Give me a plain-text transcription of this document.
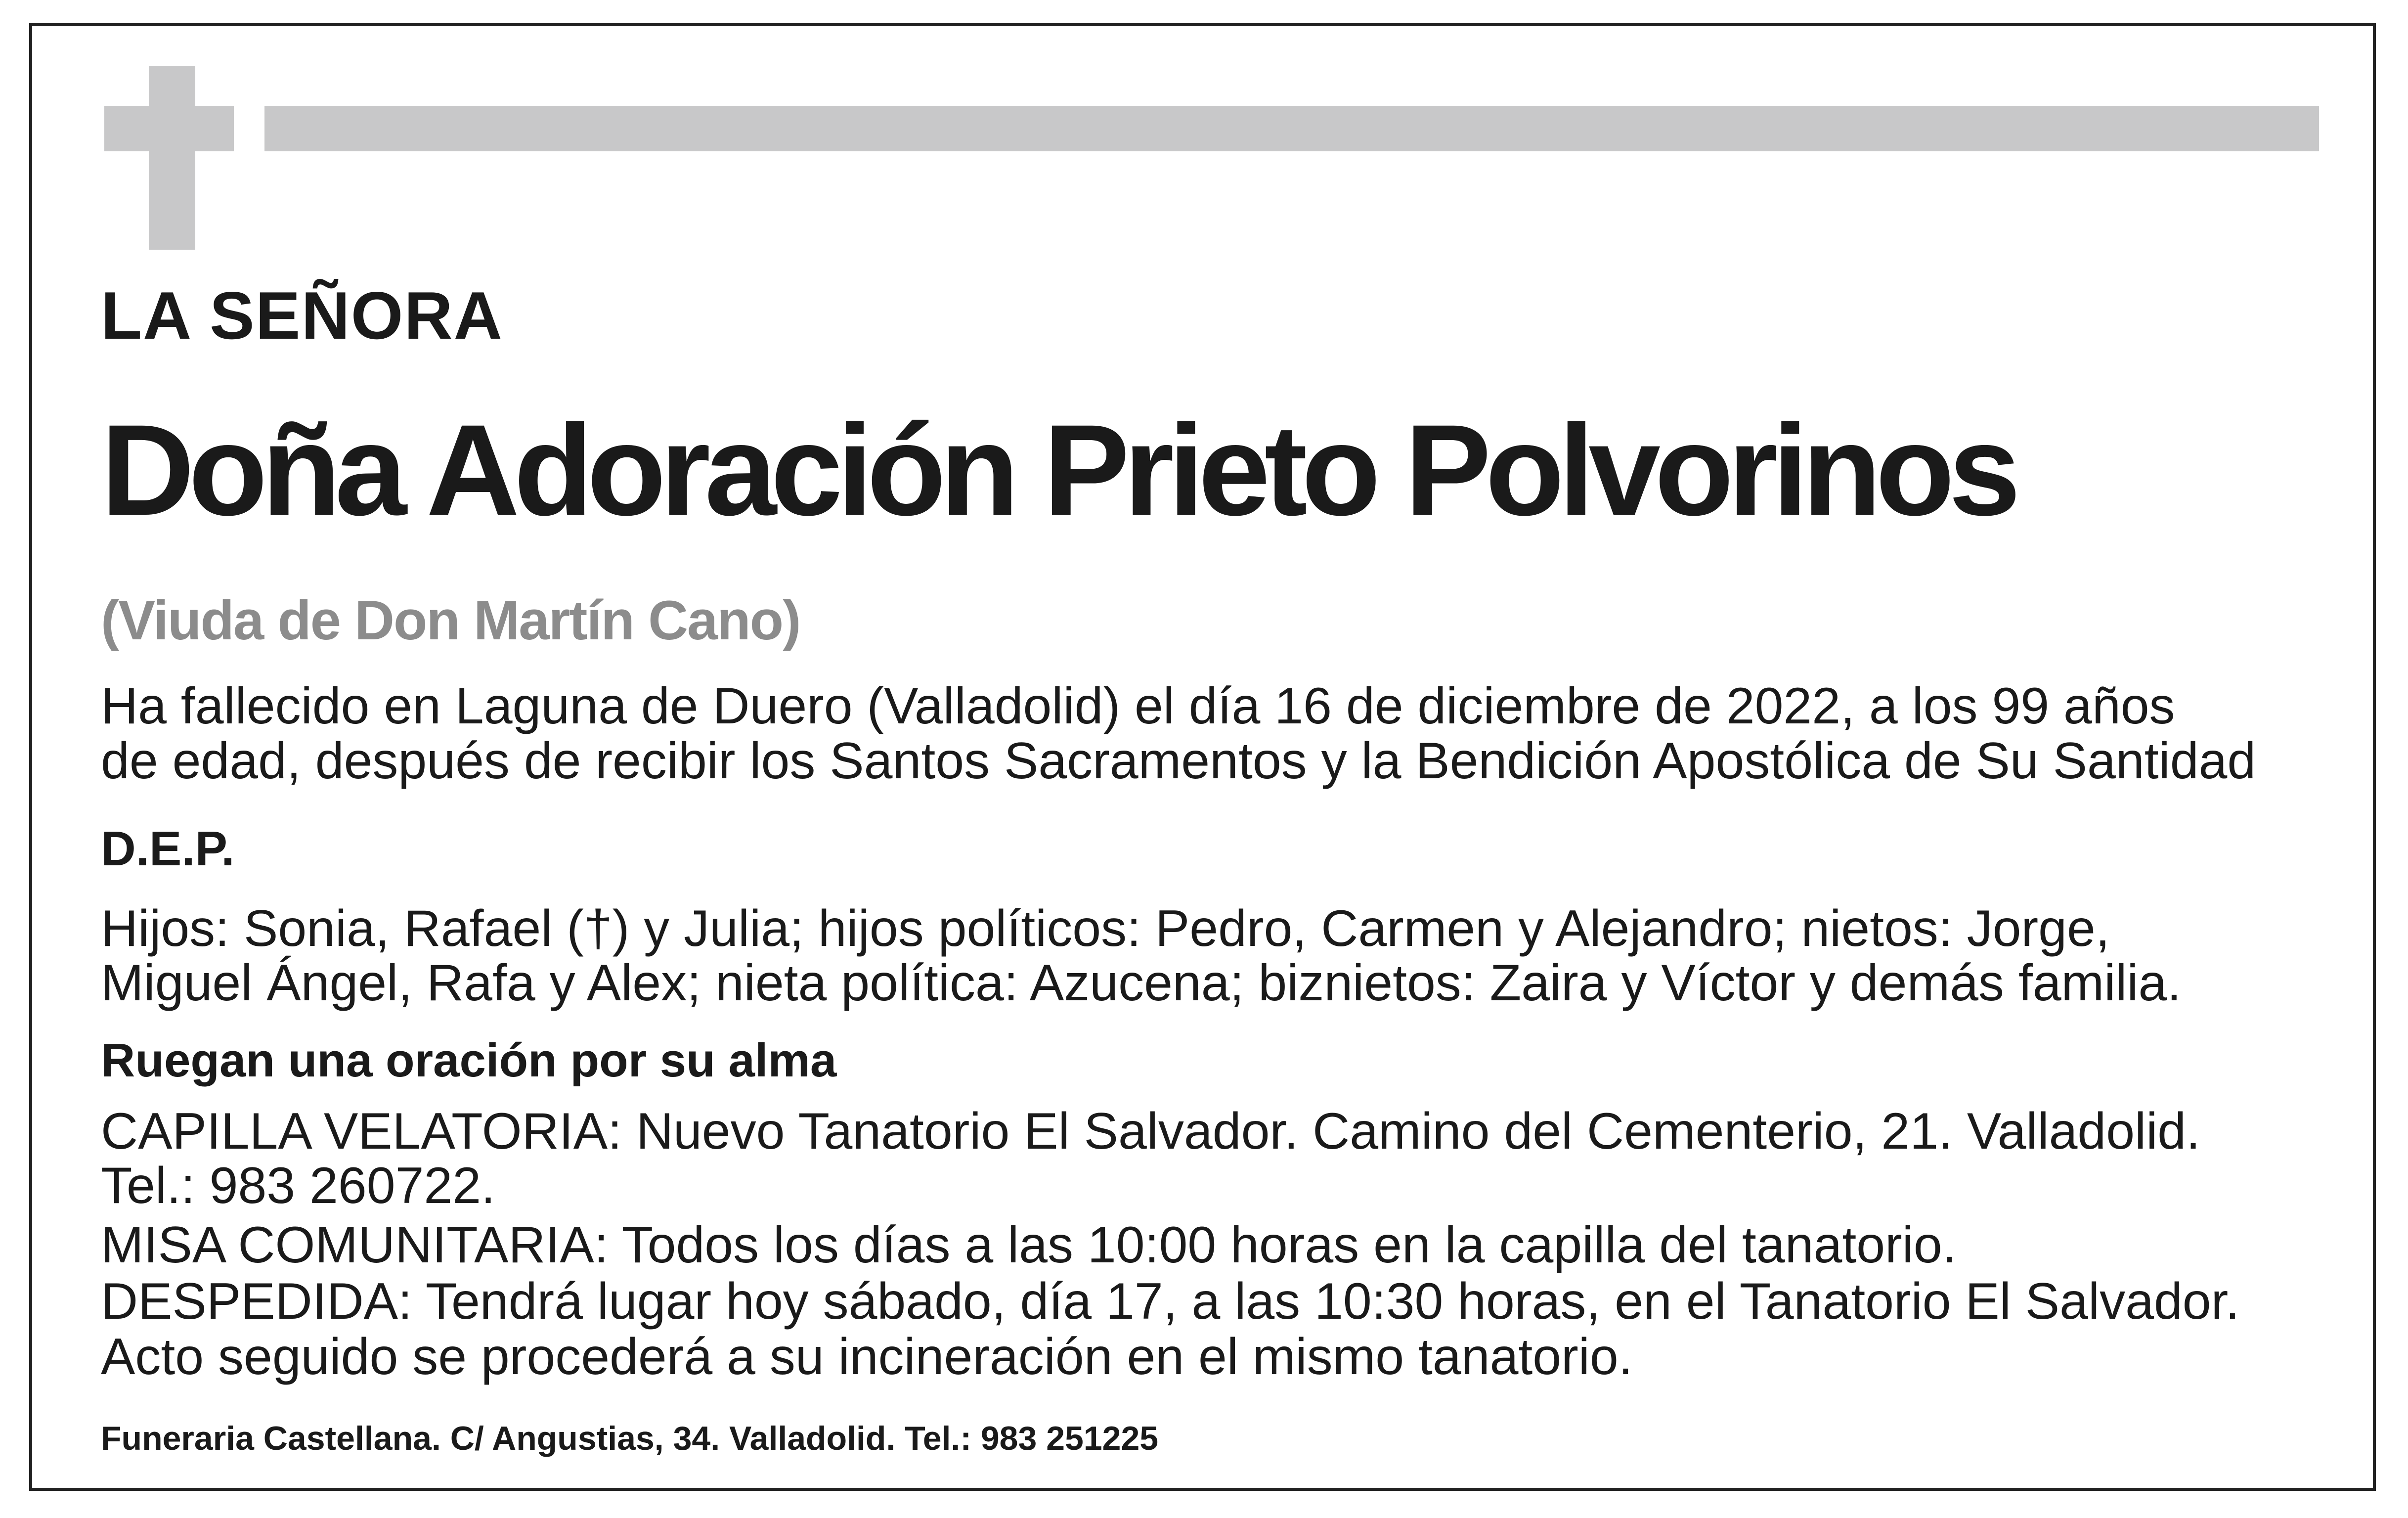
LA SEÑORA

Doña Adoración Prieto Polvorinos

(Viuda de Don Martín Cano)

Ha fallecido en Laguna de Duero (Valladolid) el día 16 de diciembre de 2022, a los 99 años

de edad, después de recibir los Santos Sacramentos y la Bendición Apostólica de Su Santidad

D.E.P.

Hijos: Sonia, Rafael (†) y Julia; hijos políticos: Pedro, Carmen y Alejandro; nietos: Jorge,

Miguel Ángel, Rafa y Alex; nieta política: Azucena; biznietos: Zaira y Víctor y demás familia.

Ruegan una oración por su alma

CAPILLA VELATORIA: Nuevo Tanatorio El Salvador. Camino del Cementerio, 21. Valladolid.

Tel.: 983 260722.

MISA COMUNITARIA: Todos los días a las 10:00 horas en la capilla del tanatorio.

DESPEDIDA: Tendrá lugar hoy sábado, día 17, a las 10:30 horas, en el Tanatorio El Salvador.

Acto seguido se procederá a su incineración en el mismo tanatorio.

Funeraria Castellana. C/ Angustias, 34. Valladolid. Tel.: 983 251225
